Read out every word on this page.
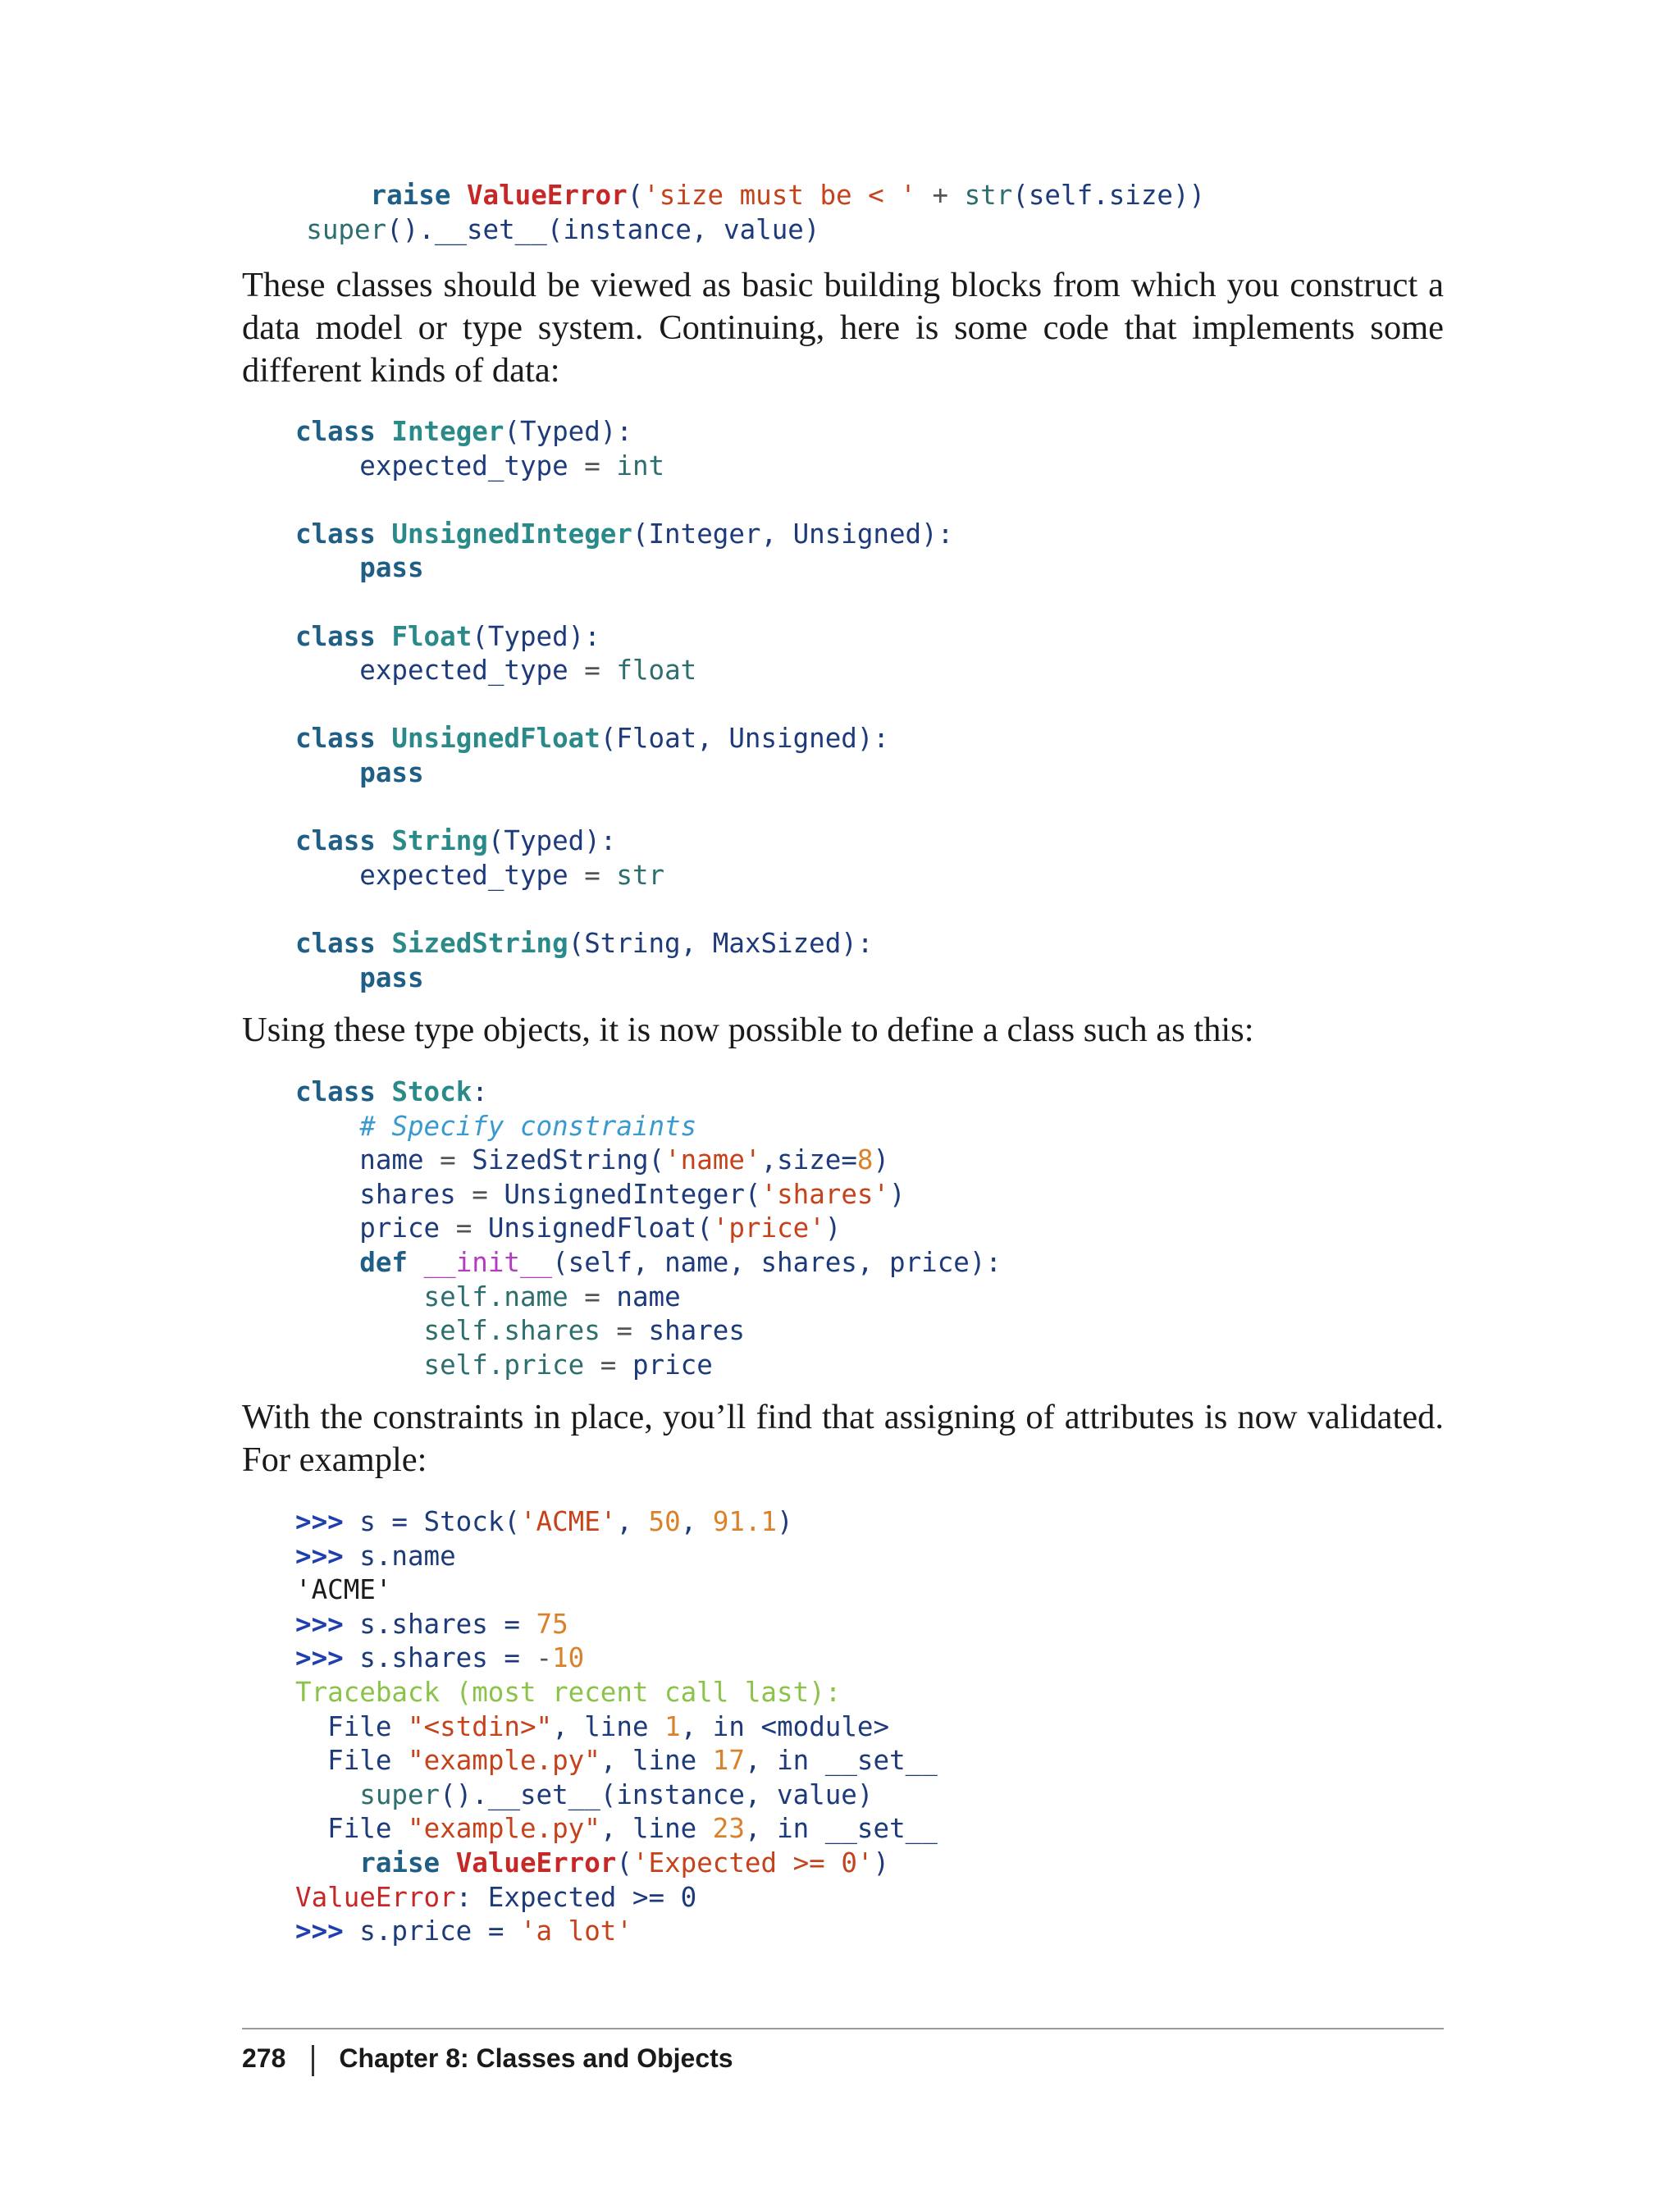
raise ValueError('size must be < ' + str(self.size))
super().__set__(instance, value)

These classes should be viewed as basic building blocks from which you construct a data model or type system. Continuing, here is some code that implements some different kinds of data:

class Integer(Typed):
expected_type = int

class UnsignedInteger(Integer, Unsigned):
pass

class Float(Typed):
expected_type = float

class UnsignedFloat(Float, Unsigned):
pass

class String(Typed):
expected_type = str

class SizedString(String, MaxSized):
pass

Using these type objects, it is now possible to define a class such as this:

class Stock:
# Specify constraints
name = SizedString('name',size=8)
shares = UnsignedInteger('shares')
price = UnsignedFloat('price')
def __init__(self, name, shares, price):
self.name = name
self.shares = shares
self.price = price

With the constraints in place, you’ll find that assigning of attributes is now validated. For example:

>>> s = Stock('ACME', 50, 91.1)
>>> s.name
'ACME'
>>> s.shares = 75
>>> s.shares = -10
Traceback (most recent call last):
File "<stdin>", line 1, in <module>
File "example.py", line 17, in __set__
super().__set__(instance, value)
File "example.py", line 23, in __set__
raise ValueError('Expected >= 0')
ValueError: Expected >= 0
>>> s.price = 'a lot'
278 Chapter 8: Classes and Objects
